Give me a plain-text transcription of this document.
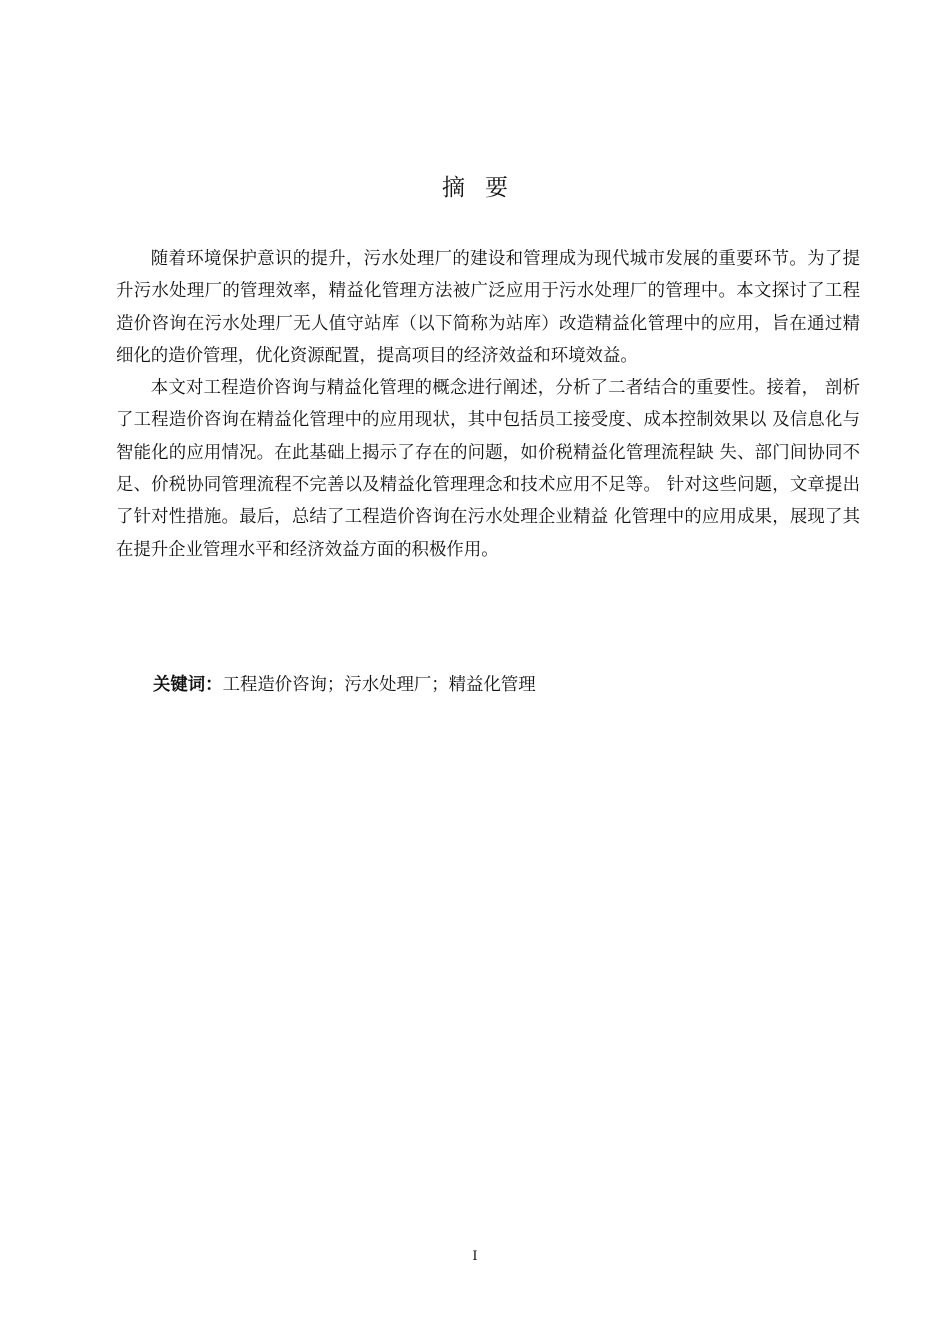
摘要

随着环境保护意识的提升，污水处理厂的建设和管理成为现代城市发展的重要环节。为了提升污水处理厂的管理效率，精益化管理方法被广泛应用于污水处理厂的管理中。本文探讨了工程造价咨询在污水处理厂无人值守站库（以下简称为站库）改造精益化管理中的应用，旨在通过精细化的造价管理，优化资源配置，提高项目的经济效益和环境效益。

本文对工程造价咨询与精益化管理的概念进行阐述，分析了二者结合的重要性。接着， 剖析了工程造价咨询在精益化管理中的应用现状，其中包括员工接受度、成本控制效果以 及信息化与智能化的应用情况。在此基础上揭示了存在的问题，如价税精益化管理流程缺 失、部门间协同不足、价税协同管理流程不完善以及精益化管理理念和技术应用不足等。 针对这些问题，文章提出了针对性措施。最后，总结了工程造价咨询在污水处理企业精益 化管理中的应用成果，展现了其在提升企业管理水平和经济效益方面的积极作用。

关键词：工程造价咨询；污水处理厂；精益化管理

I
